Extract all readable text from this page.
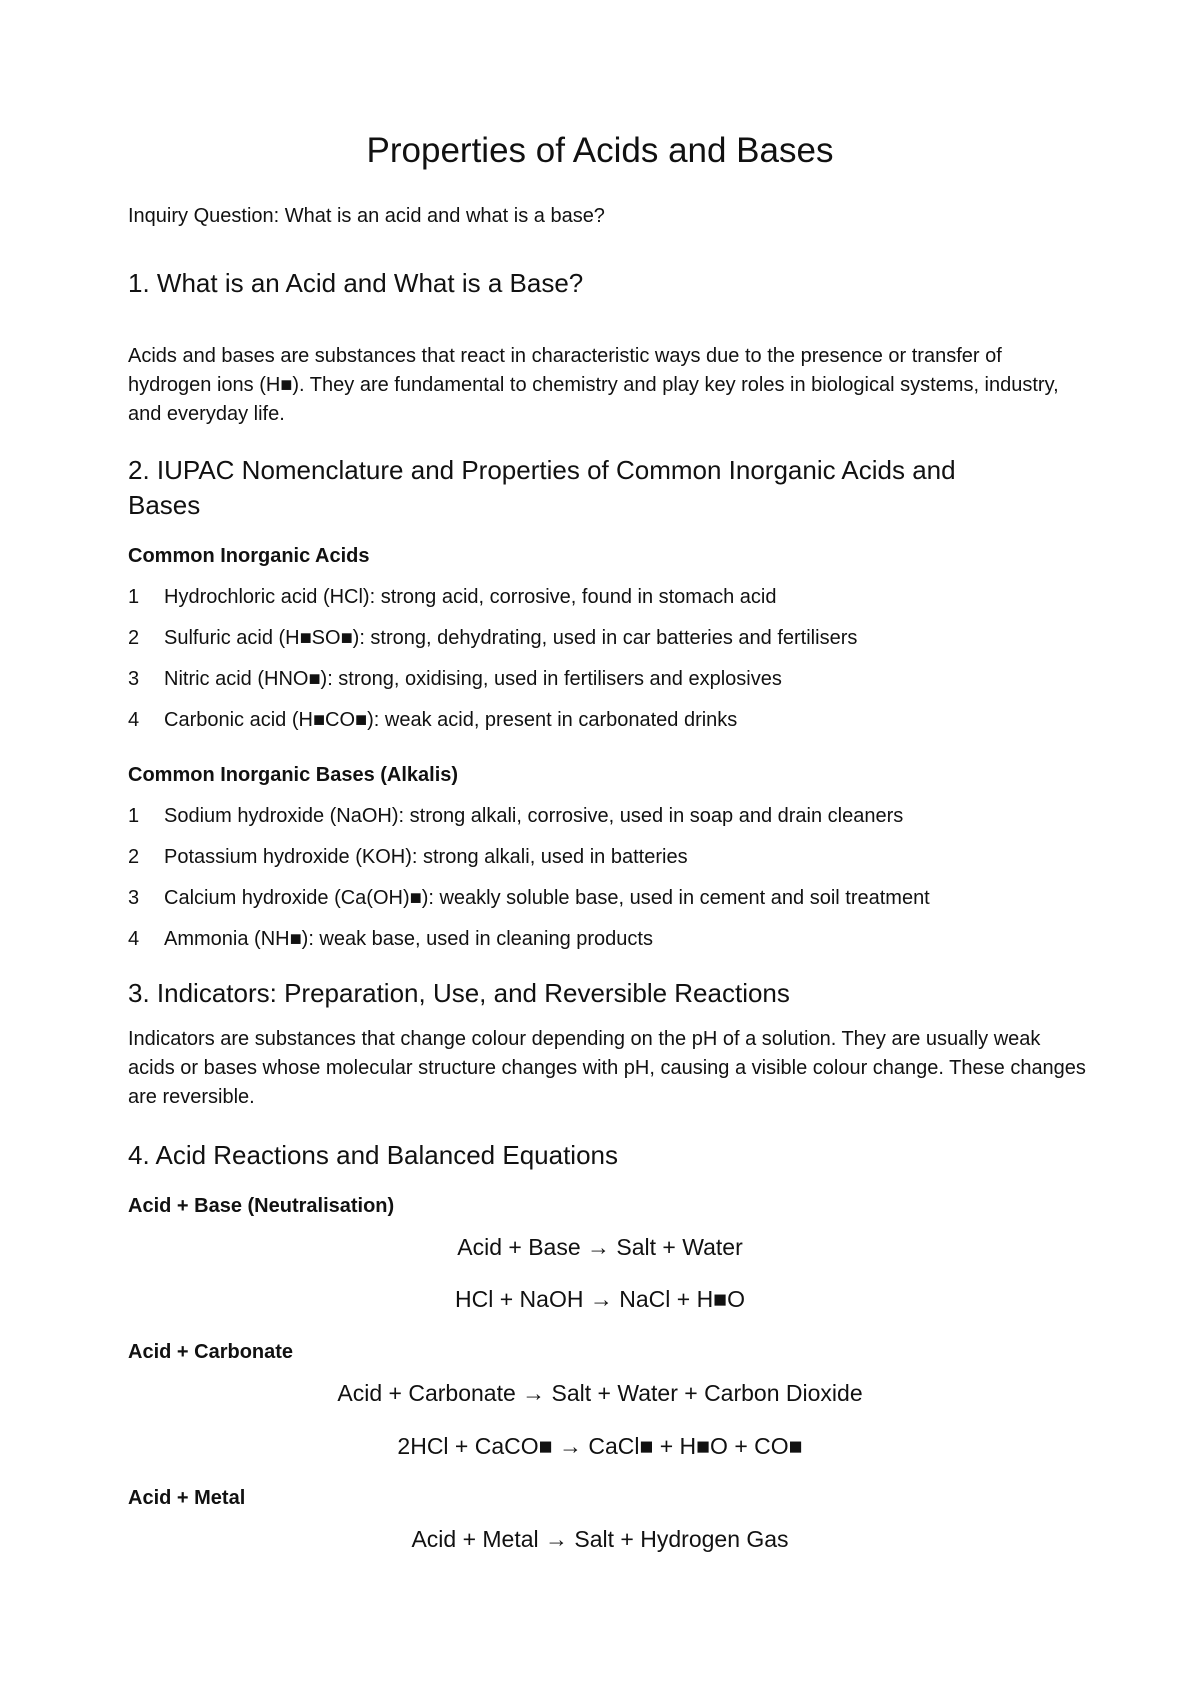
Properties of Acids and Bases
Inquiry Question: What is an acid and what is a base?
1. What is an Acid and What is a Base?
Acids and bases are substances that react in characteristic ways due to the presence or transfer of hydrogen ions (H■). They are fundamental to chemistry and play key roles in biological systems, industry, and everyday life.
2. IUPAC Nomenclature and Properties of Common Inorganic Acids and
Bases
Common Inorganic Acids
1 Hydrochloric acid (HCl): strong acid, corrosive, found in stomach acid
2 Sulfuric acid (H■SO■): strong, dehydrating, used in car batteries and fertilisers
3 Nitric acid (HNO■): strong, oxidising, used in fertilisers and explosives
4 Carbonic acid (H■CO■): weak acid, present in carbonated drinks
Common Inorganic Bases (Alkalis)
1 Sodium hydroxide (NaOH): strong alkali, corrosive, used in soap and drain cleaners
2 Potassium hydroxide (KOH): strong alkali, used in batteries
3 Calcium hydroxide (Ca(OH)■): weakly soluble base, used in cement and soil treatment
4 Ammonia (NH■): weak base, used in cleaning products
3. Indicators: Preparation, Use, and Reversible Reactions
Indicators are substances that change colour depending on the pH of a solution. They are usually weak acids or bases whose molecular structure changes with pH, causing a visible colour change. These changes are reversible.
4. Acid Reactions and Balanced Equations
Acid + Base (Neutralisation)
Acid + Base → Salt + Water
HCl + NaOH → NaCl + H■O
Acid + Carbonate
Acid + Carbonate → Salt + Water + Carbon Dioxide
2HCl + CaCO■ → CaCl■ + H■O + CO■
Acid + Metal
Acid + Metal → Salt + Hydrogen Gas
